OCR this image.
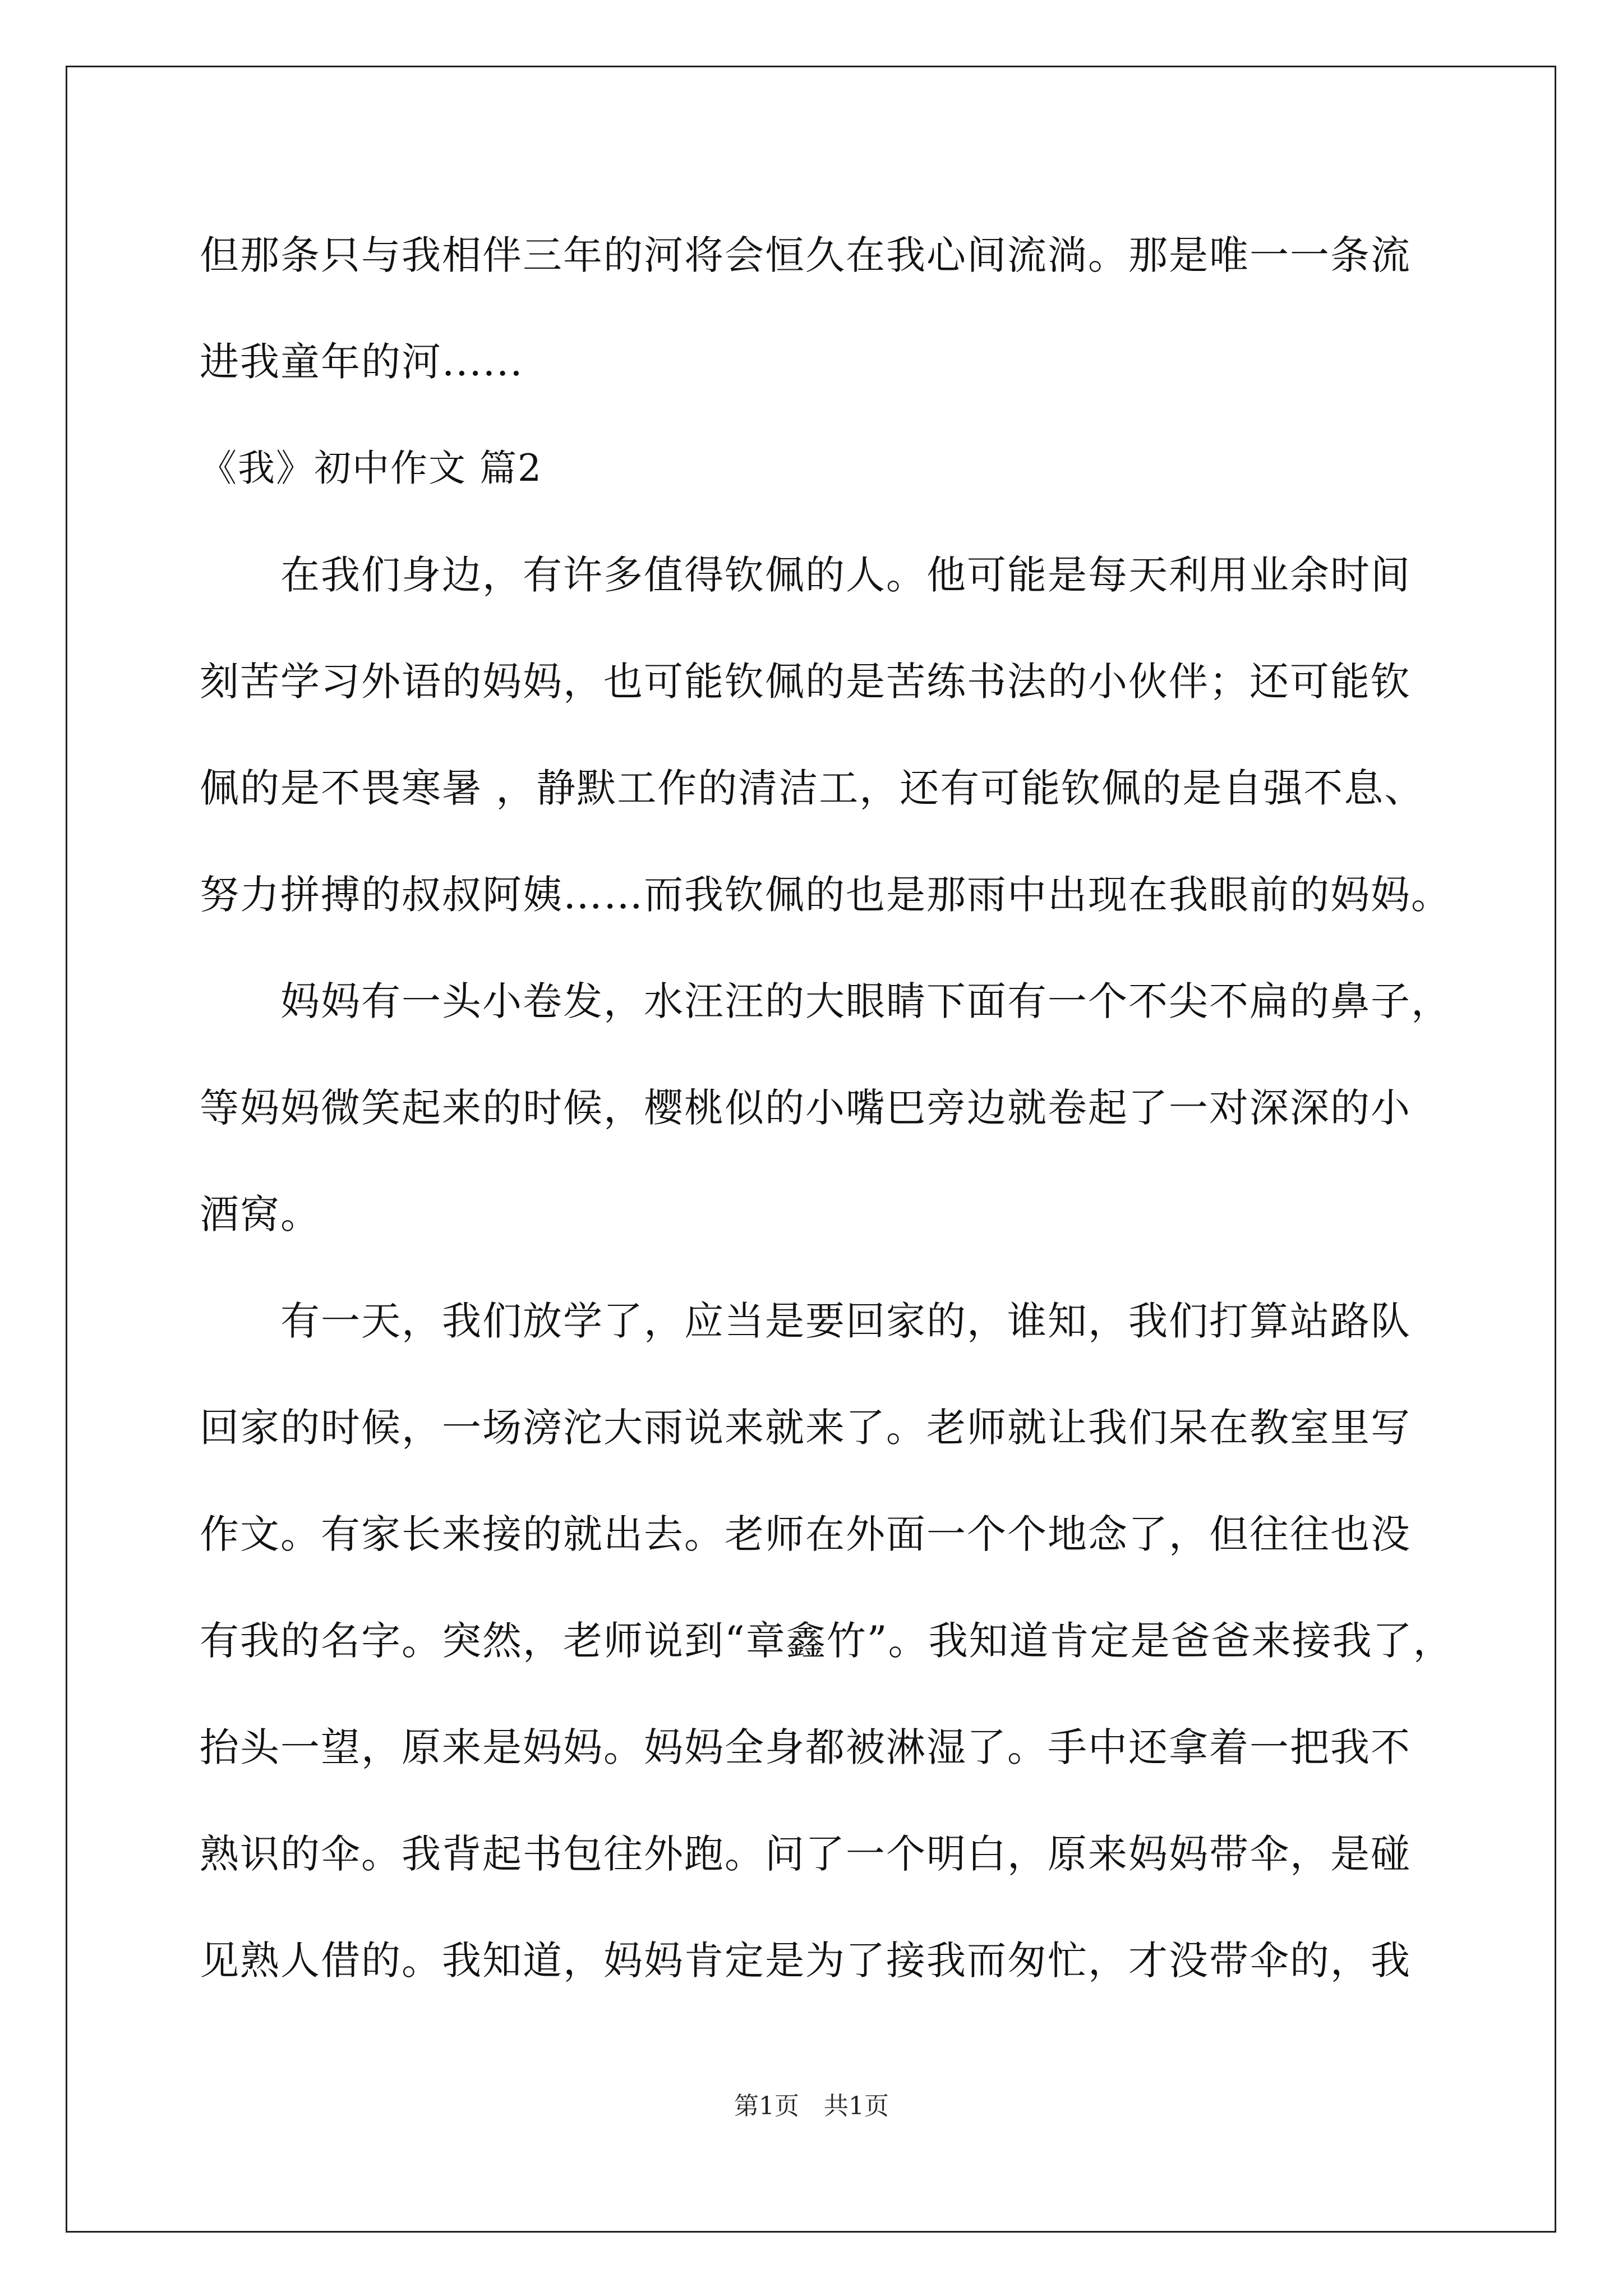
但那条只与我相伴三年的河将会恒久在我心间流淌。那是唯一一条流
进我童年的河......
《我》初中作文 篇2
在我们身边，有许多值得钦佩的人。他可能是每天利用业余时间
刻苦学习外语的妈妈，也可能钦佩的是苦练书法的小伙伴；还可能钦
佩的是不畏寒暑 ，静默工作的清洁工，还有可能钦佩的是自强不息、
努力拼搏的叔叔阿姨……而我钦佩的也是那雨中出现在我眼前的妈妈。
妈妈有一头小卷发，水汪汪的大眼睛下面有一个不尖不扁的鼻子，
等妈妈微笑起来的时候，樱桃似的小嘴巴旁边就卷起了一对深深的小
酒窝。
有一天，我们放学了，应当是要回家的，谁知，我们打算站路队
回家的时候，一场滂沱大雨说来就来了。老师就让我们呆在教室里写
作文。有家长来接的就出去。老师在外面一个个地念了，但往往也没
有我的名字。突然，老师说到“章鑫竹”。我知道肯定是爸爸来接我了，
抬头一望，原来是妈妈。妈妈全身都被淋湿了。手中还拿着一把我不
熟识的伞。我背起书包往外跑。问了一个明白，原来妈妈带伞，是碰
见熟人借的。我知道，妈妈肯定是为了接我而匆忙，才没带伞的，我
第1页　共1页
